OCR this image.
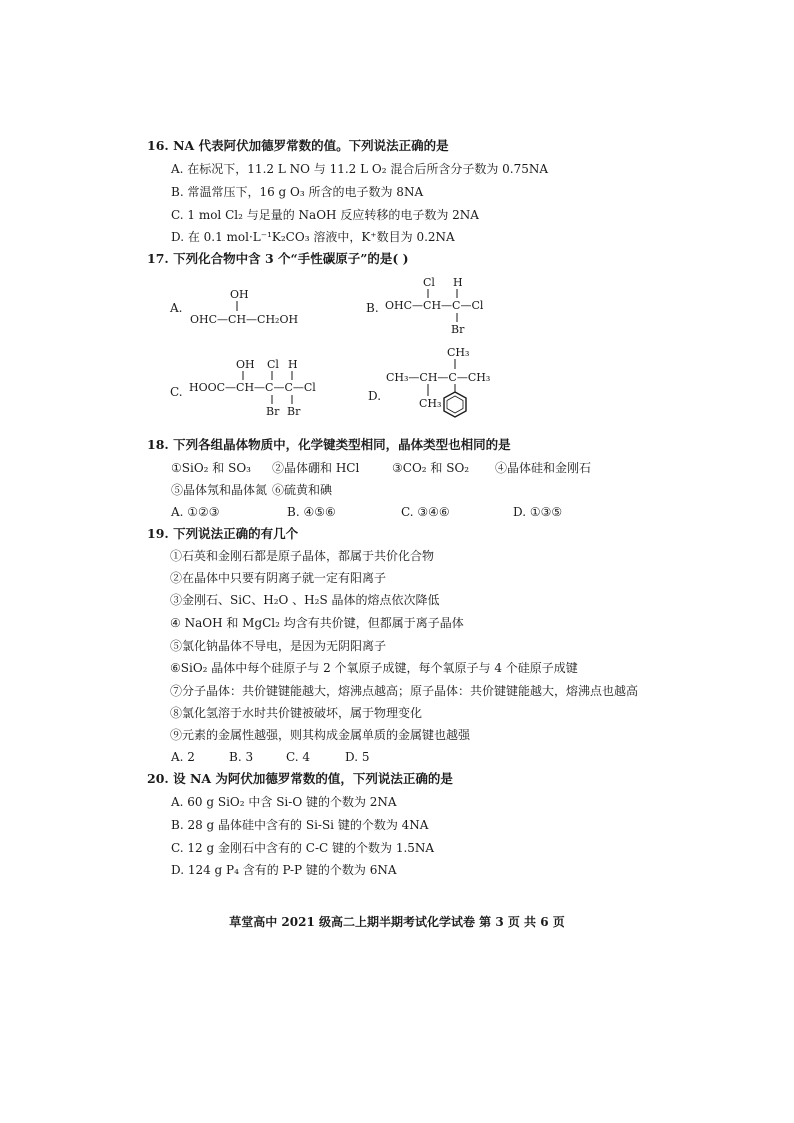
16. NA 代表阿伏加德罗常数的值。下列说法正确的是
A. 在标况下，11.2 L NO 与 11.2 L O₂ 混合后所含分子数为 0.75NA
B. 常温常压下，16 g O₃ 所含的电子数为 8NA
C. 1 mol Cl₂ 与足量的 NaOH 反应转移的电子数为 2NA
D. 在 0.1 mol·L⁻¹K₂CO₃ 溶液中，K⁺数目为 0.2NA
17. 下列化合物中含 3 个“手性碳原子”的是( )
A.
OH
OHC—CH—CH₂OH
B.
Cl H
OHC—CH—C—Cl
Br
C.
OH Cl H
HOOC—CH—C—C—Cl
Br Br
D.
CH₃
CH₃—CH—C—CH₃
CH₃
18. 下列各组晶体物质中，化学键类型相同，晶体类型也相同的是
①SiO₂ 和 SO₃ ②晶体硼和 HCl	③CO₂ 和 SO₂ ④晶体硅和金刚石
⑤晶体氖和晶体氮 ⑥硫黄和碘
A. ①②③	B. ④⑤⑥	C. ③④⑥	D. ①③⑤
19. 下列说法正确的有几个
①石英和金刚石都是原子晶体，都属于共价化合物
②在晶体中只要有阴离子就一定有阳离子
③金刚石、SiC、H₂O 、H₂S 晶体的熔点依次降低
④ NaOH 和 MgCl₂ 均含有共价键，但都属于离子晶体
⑤氯化钠晶体不导电，是因为无阴阳离子
⑥SiO₂ 晶体中每个硅原子与 2 个氧原子成键，每个氧原子与 4 个硅原子成键
⑦分子晶体：共价键键能越大，熔沸点越高；原子晶体：共价键键能越大，熔沸点也越高
⑧氯化氢溶于水时共价键被破坏，属于物理变化
⑨元素的金属性越强，则其构成金属单质的金属键也越强
A. 2	B. 3	C. 4	D. 5
20. 设 NA 为阿伏加德罗常数的值，下列说法正确的是
A. 60 g SiO₂ 中含 Si-O 键的个数为 2NA
B. 28 g 晶体硅中含有的 Si-Si 键的个数为 4NA
C. 12 g 金刚石中含有的 C-C 键的个数为 1.5NA
D. 124 g P₄ 含有的 P-P 键的个数为 6NA
草堂高中 2021 级高二上期半期考试化学试卷 第 3 页 共 6 页
